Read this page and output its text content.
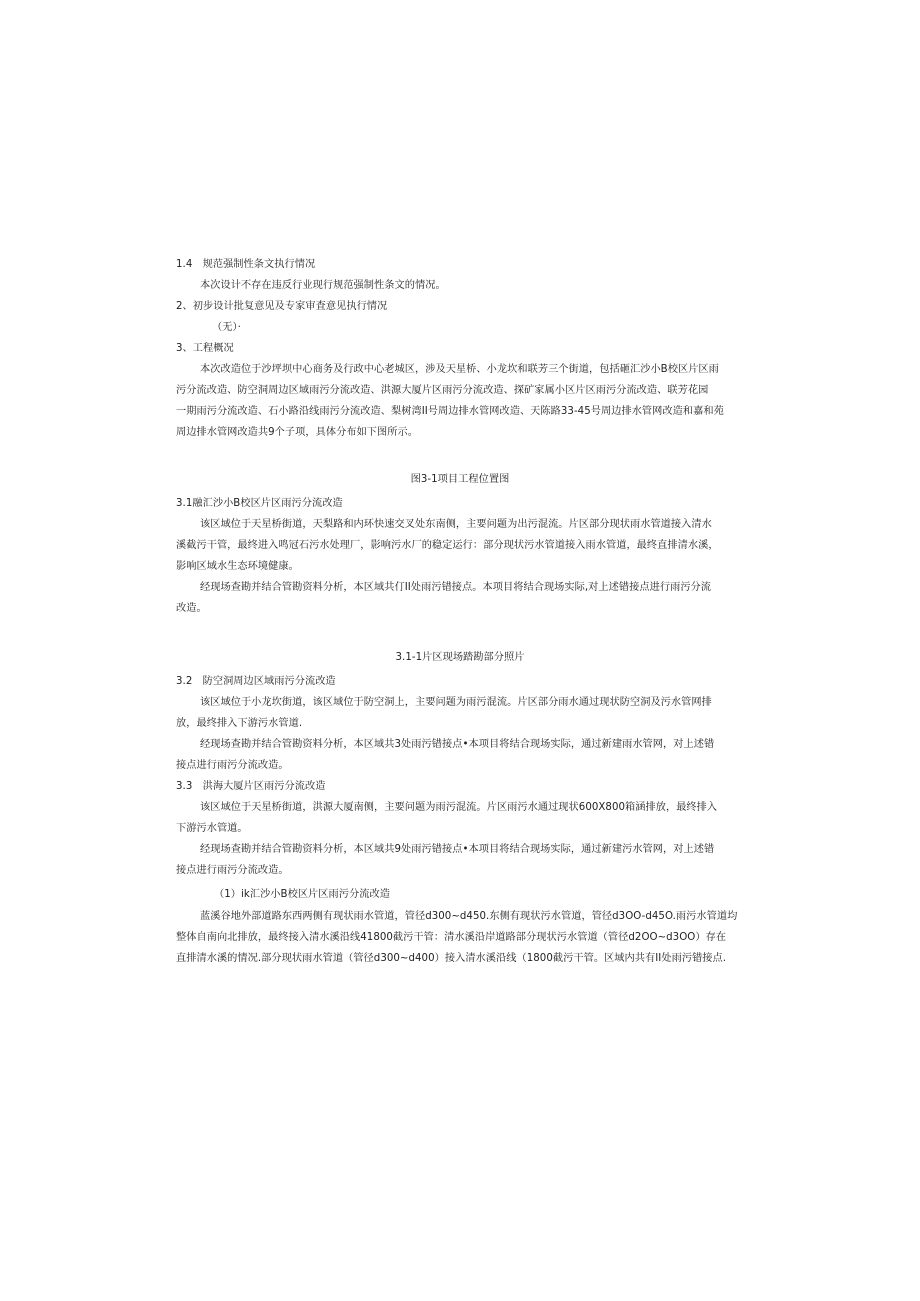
1.4　规范强制性条文执行情况
本次设计不存在违反行业现行规范强制性条文的情况。
2、初步设计批复意见及专家审査意见执行情况
（无）·
3、工程概况
本次改造位于沙坪坝中心商务及行政中心老城区，涉及天星桥、小龙坎和联芳三个街道，包括砸汇沙小B校区片区雨
污分流改造、防空洞周边区域雨污分流改造、洪源大厦片区雨污分流改造、探矿家属小区片区雨污分流改造、联芳花园
一期雨污分流改造、石小路沿线雨污分流改造、梨树湾II号周边排水管网改造、天陈路33-45号周边排水管网改造和嘉和苑
周边排水管网改造共9个子项，具体分布如下图所示。
图3-1项目工程位置图
3.1融汇沙小B校区片区雨污分流改造
该区域位于天星桥街道，天梨路和内环快速交叉处东南侧，主要问题为出污混流。片区部分现状雨水管道接入清水
溪截污干管，最终进入鸣冠石污水处理厂，影响污水厂的稳定运行：部分现状污水管道接入雨水管道，最终直排清水溪，
影响区域水生态环境健康。
经现场查勘并结合管勘资料分析，本区域共仃II处雨污错接点。本项目将结合现场实际,对上述错接点进行雨污分流
改造。
3.1-1片区现场踏勘部分照片
3.2　防空洞周边区域雨污分流改造
该区域位于小龙坎街道，该区域位于防空洞上，主要问题为雨污混流。片区部分雨水通过现状防空洞及污水管网排
放，最终排入下游污水管道.
经现场查勘并结合管勘资料分析，本区域共3处雨污错接点•本项目将结合现场实际，通过新建雨水管网，对上述错
接点进行雨污分流改造。
3.3　洪海大厦片区雨污分流改造
该区域位于天星桥街道，洪源大厦南侧，主要问题为雨污混流。片区雨污水通过现状600X800箱涵排放，最终排入
下游污水管道。
经现场查勘并结合管勘资料分析，本区域共9处雨污错接点•本项目将结合现场实际，通过新建污水管网，对上述错
接点进行雨污分流改造。
（1）ik汇沙小B校区片区雨污分流改造
蓝溪谷地外部道路东西两侧有现状雨水管道，管径d300~d450.东侧有现状污水管道，管径d3OO-d45O.雨污水管道均
整体自南向北排放，最终接入清水溪沿线41800截污干管：清水溪沿岸道路部分现状污水管道（管径d2OO~d3OO）存在
直排清水溪的情况.部分现状雨水管道（管径d300~d400）接入清水溪沿线（1800截污干管。区域内共有II处雨污错接点.
